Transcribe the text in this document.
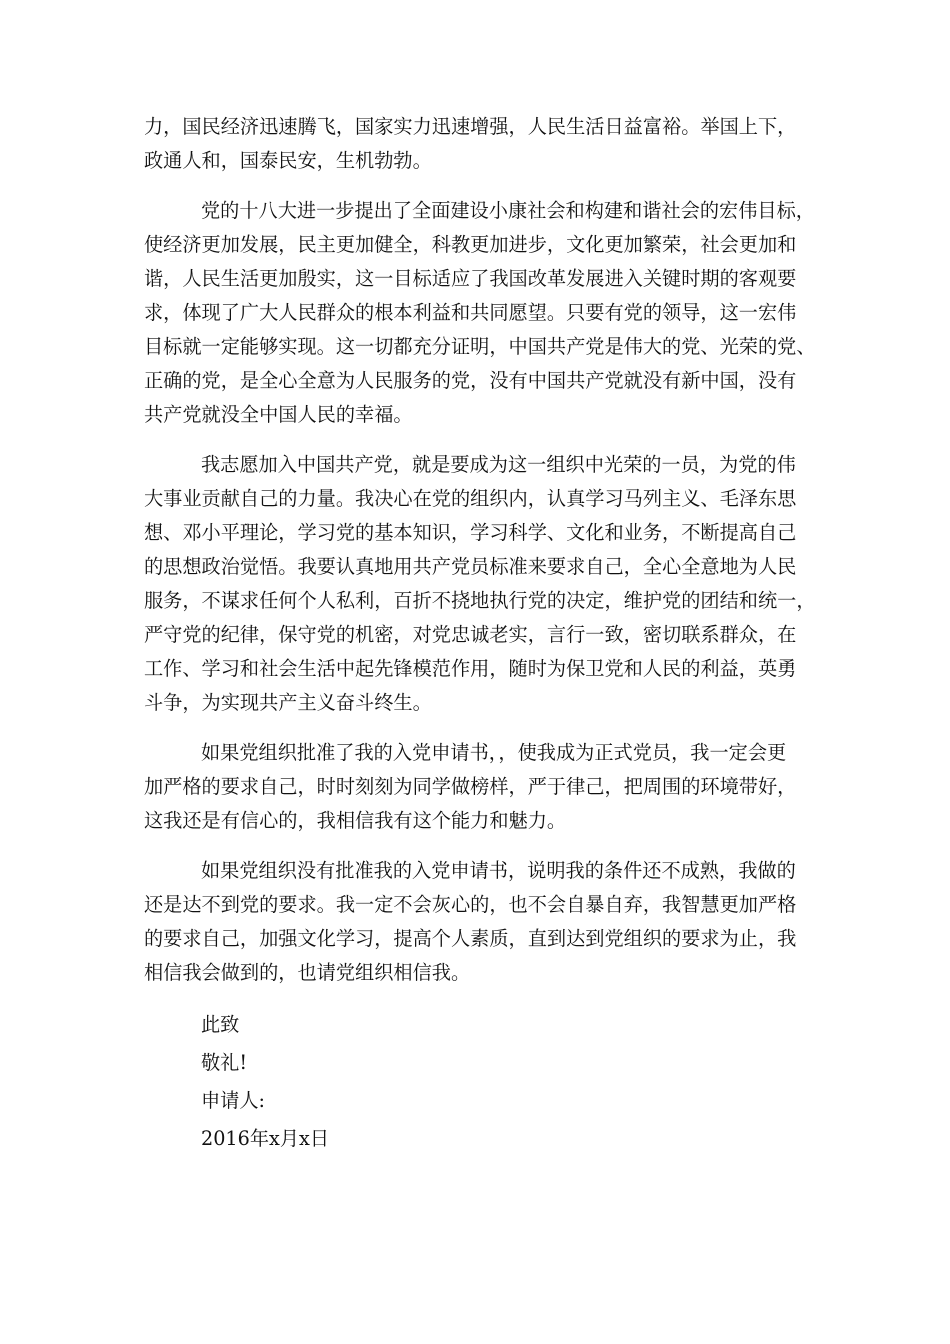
力，国民经济迅速腾飞，国家实力迅速增强，人民生活日益富裕。举国上下，
政通人和，国泰民安，生机勃勃。
党的十八大进一步提出了全面建设小康社会和构建和谐社会的宏伟目标，
使经济更加发展，民主更加健全，科教更加进步，文化更加繁荣，社会更加和
谐，人民生活更加殷实，这一目标适应了我国改革发展进入关键时期的客观要
求，体现了广大人民群众的根本利益和共同愿望。只要有党的领导，这一宏伟
目标就一定能够实现。这一切都充分证明，中国共产党是伟大的党、光荣的党、
正确的党，是全心全意为人民服务的党，没有中国共产党就没有新中国，没有
共产党就没全中国人民的幸福。
我志愿加入中国共产党，就是要成为这一组织中光荣的一员，为党的伟
大事业贡献自己的力量。我决心在党的组织内，认真学习马列主义、毛泽东思
想、邓小平理论，学习党的基本知识，学习科学、文化和业务，不断提高自己
的思想政治觉悟。我要认真地用共产党员标准来要求自己，全心全意地为人民
服务，不谋求任何个人私利，百折不挠地执行党的决定，维护党的团结和统一，
严守党的纪律，保守党的机密，对党忠诚老实，言行一致，密切联系群众，在
工作、学习和社会生活中起先锋模范作用，随时为保卫党和人民的利益，英勇
斗争，为实现共产主义奋斗终生。
如果党组织批准了我的入党申请书，，使我成为正式党员，我一定会更
加严格的要求自己，时时刻刻为同学做榜样，严于律己，把周围的环境带好，
这我还是有信心的，我相信我有这个能力和魅力。
如果党组织没有批准我的入党申请书，说明我的条件还不成熟，我做的
还是达不到党的要求。我一定不会灰心的，也不会自暴自弃，我智慧更加严格
的要求自己，加强文化学习，提高个人素质，直到达到党组织的要求为止，我
相信我会做到的，也请党组织相信我。
此致
敬礼!
申请人:
2016年x月x日
